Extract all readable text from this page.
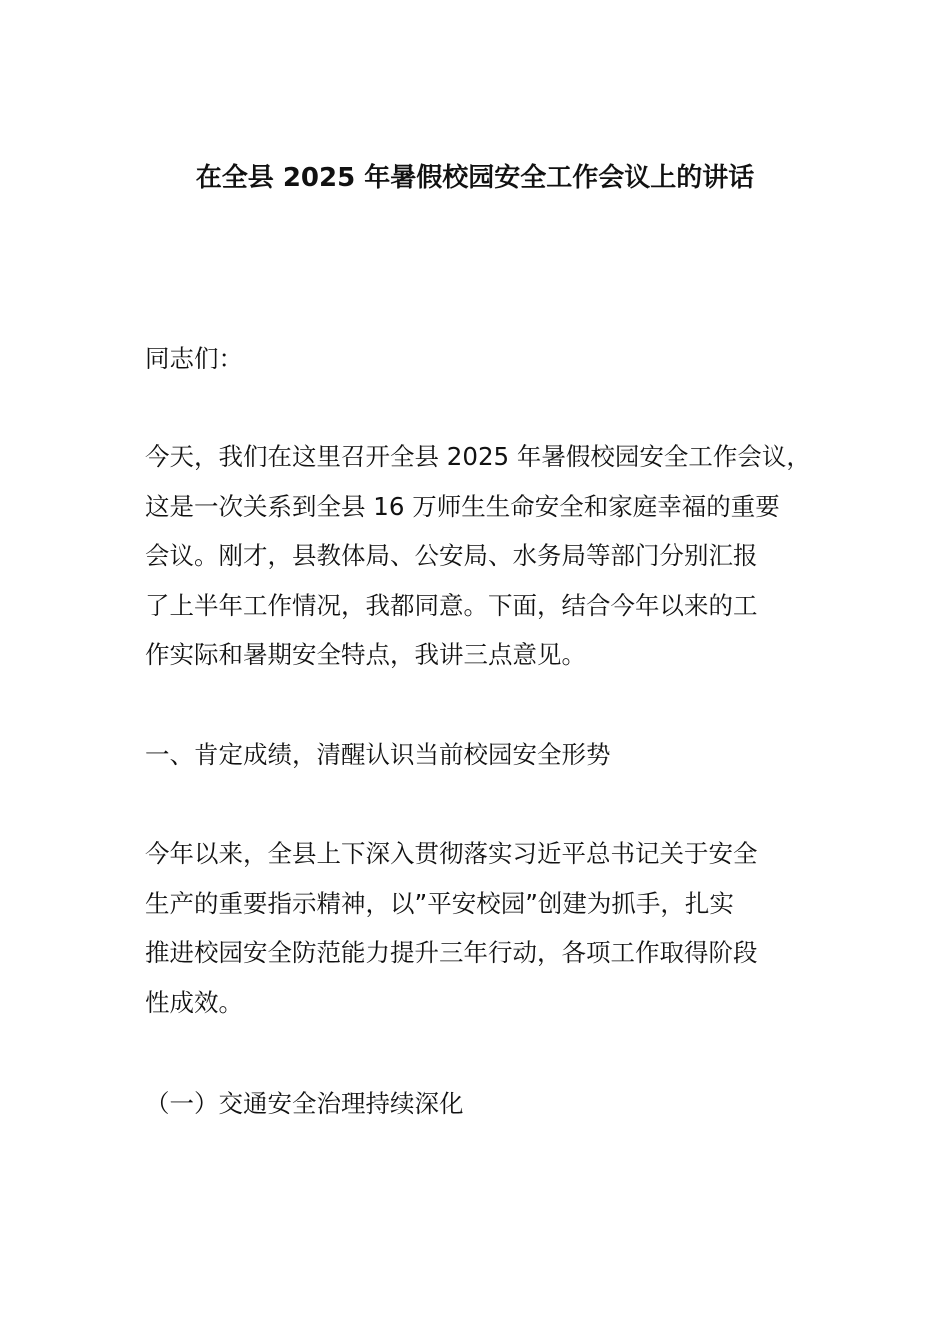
在全县 2025 年暑假校园安全工作会议上的讲话

同志们：

今天，我们在这里召开全县 2025 年暑假校园安全工作会议，
这是一次关系到全县 16 万师生生命安全和家庭幸福的重要
会议。刚才，县教体局、公安局、水务局等部门分别汇报
了上半年工作情况，我都同意。下面，结合今年以来的工
作实际和暑期安全特点，我讲三点意见。

一、肯定成绩，清醒认识当前校园安全形势

今年以来，全县上下深入贯彻落实习近平总书记关于安全
生产的重要指示精神，以”平安校园”创建为抓手，扎实
推进校园安全防范能力提升三年行动，各项工作取得阶段
性成效。

（一）交通安全治理持续深化
